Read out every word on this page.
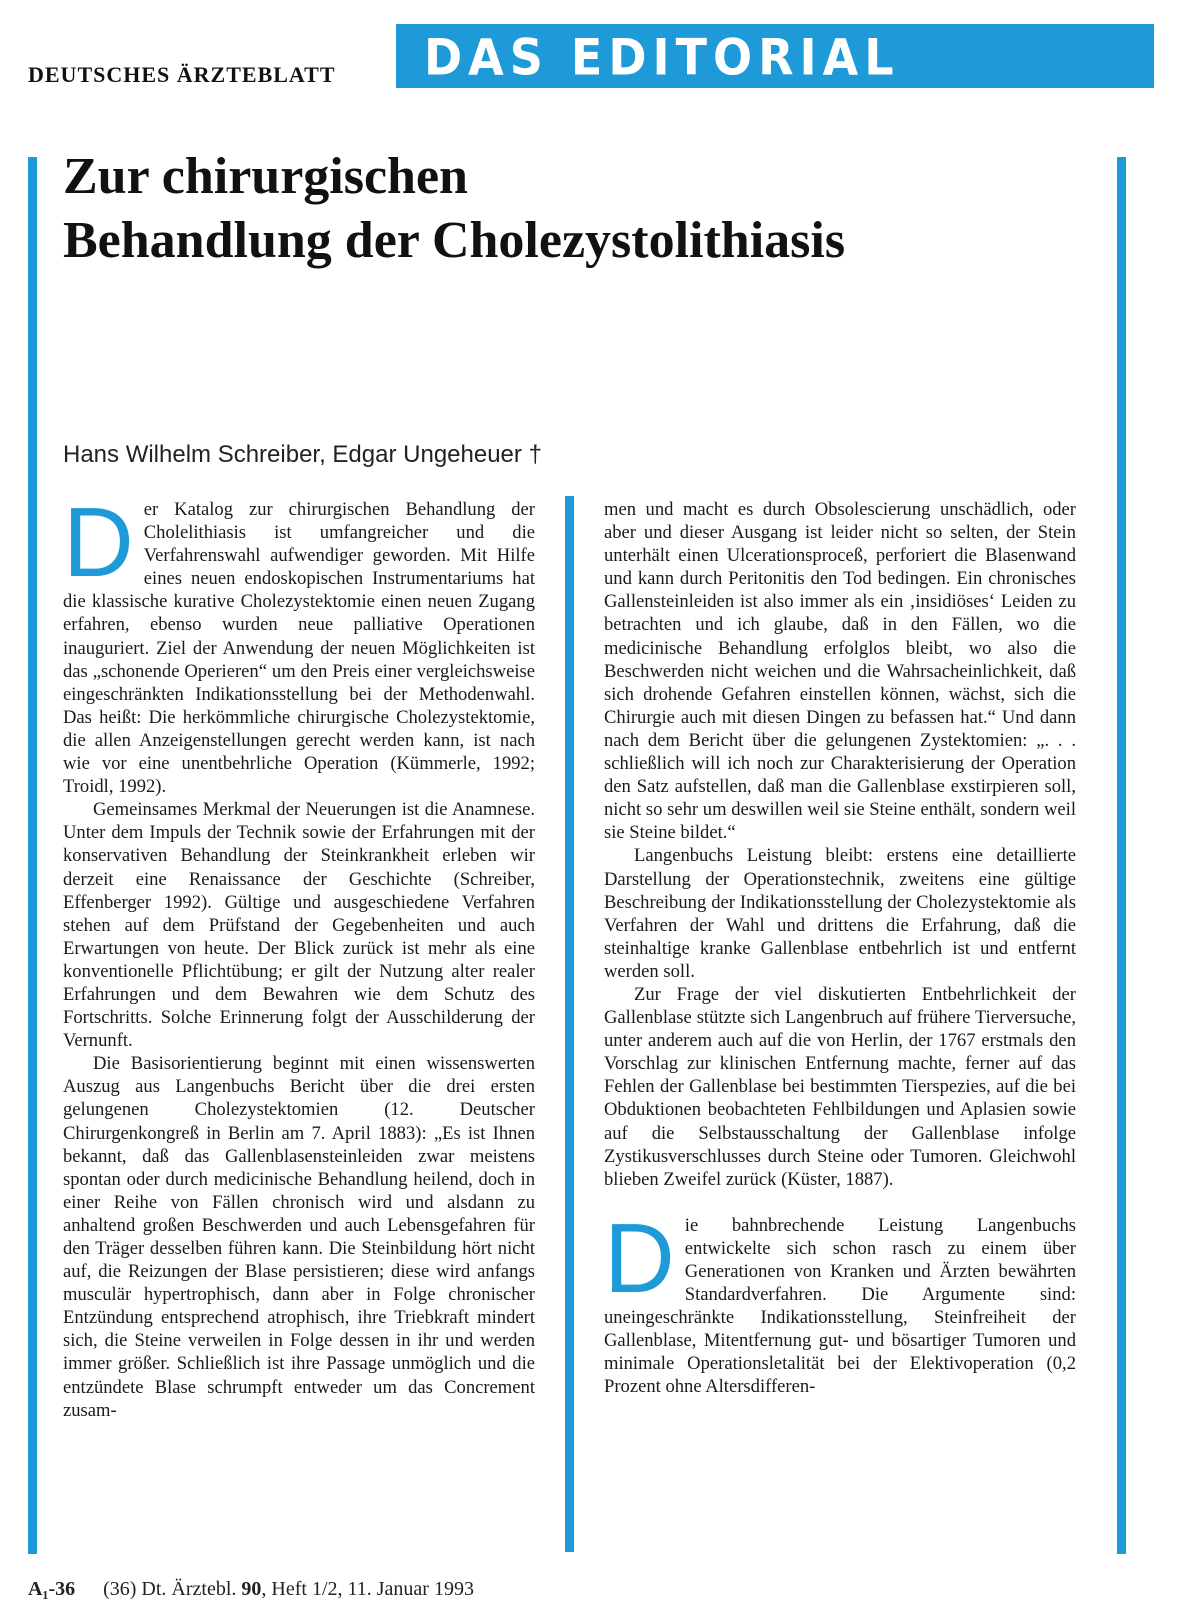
DEUTSCHES ÄRZTEBLATT DAS EDITORIAL
Zur chirurgischen
Behandlung der Cholezystolithiasis
Hans Wilhelm Schreiber, Edgar Ungeheuer †

Der Katalog zur chirurgischen Behandlung der Cholelithiasis ist umfangreicher und die Verfahrenswahl aufwendiger geworden. Mit Hilfe eines neuen endoskopischen Instrumentariums hat die klassische kurative Cholezystektomie einen neuen Zugang erfahren, ebenso wurden neue palliative Operationen inauguriert. Ziel der Anwendung der neuen Möglichkeiten ist das „schonende Operieren“ um den Preis einer vergleichsweise eingeschränkten Indikationsstellung bei der Methodenwahl. Das heißt: Die herkömmliche chirurgische Cholezystektomie, die allen Anzeigenstellungen gerecht werden kann, ist nach wie vor eine unentbehrliche Operation (Kümmerle, 1992; Troidl, 1992).

Gemeinsames Merkmal der Neuerungen ist die Anamnese. Unter dem Impuls der Technik sowie der Erfahrungen mit der konservativen Behandlung der Steinkrankheit erleben wir derzeit eine Renaissance der Geschichte (Schreiber, Effenberger 1992). Gültige und ausgeschiedene Verfahren stehen auf dem Prüfstand der Gegebenheiten und auch Erwartungen von heute. Der Blick zurück ist mehr als eine konventionelle Pflichtübung; er gilt der Nutzung alter realer Erfahrungen und dem Bewahren wie dem Schutz des Fortschritts. Solche Erinnerung folgt der Ausschilderung der Vernunft.

Die Basisorientierung beginnt mit einen wissenswerten Auszug aus Langenbuchs Bericht über die drei ersten gelungenen Cholezystektomien (12. Deutscher Chirurgenkongreß in Berlin am 7. April 1883): „Es ist Ihnen bekannt, daß das Gallenblasensteinleiden zwar meistens spontan oder durch medicinische Behandlung heilend, doch in einer Reihe von Fällen chronisch wird und alsdann zu anhaltend großen Beschwerden und auch Lebensgefahren für den Träger desselben führen kann. Die Steinbildung hört nicht auf, die Reizungen der Blase persistieren; diese wird anfangs musculär hypertrophisch, dann aber in Folge chronischer Entzündung entsprechend atrophisch, ihre Triebkraft mindert sich, die Steine verweilen in Folge dessen in ihr und werden immer größer. Schließlich ist ihre Passage unmöglich und die entzündete Blase schrumpft entweder um das Concrement zusam-

men und macht es durch Obsolescierung unschädlich, oder aber und dieser Ausgang ist leider nicht so selten, der Stein unterhält einen Ulcerationsproceß, perforiert die Blasenwand und kann durch Peritonitis den Tod bedingen. Ein chronisches Gallensteinleiden ist also immer als ein ‚insidiöses‘ Leiden zu betrachten und ich glaube, daß in den Fällen, wo die medicinische Behandlung erfolglos bleibt, wo also die Beschwerden nicht weichen und die Wahrsacheinlichkeit, daß sich drohende Gefahren einstellen können, wächst, sich die Chirurgie auch mit diesen Dingen zu befassen hat.“ Und dann nach dem Bericht über die gelungenen Zystektomien: „. . . schließlich will ich noch zur Charakterisierung der Operation den Satz aufstellen, daß man die Gallenblase exstirpieren soll, nicht so sehr um deswillen weil sie Steine enthält, sondern weil sie Steine bildet.“

Langenbuchs Leistung bleibt: erstens eine detaillierte Darstellung der Operationstechnik, zweitens eine gültige Beschreibung der Indikationsstellung der Cholezystektomie als Verfahren der Wahl und drittens die Erfahrung, daß die steinhaltige kranke Gallenblase entbehrlich ist und entfernt werden soll.

Zur Frage der viel diskutierten Entbehrlichkeit der Gallenblase stützte sich Langenbruch auf frühere Tierversuche, unter anderem auch auf die von Herlin, der 1767 erstmals den Vorschlag zur klinischen Entfernung machte, ferner auf das Fehlen der Gallenblase bei bestimmten Tierspezies, auf die bei Obduktionen beobachteten Fehlbildungen und Aplasien sowie auf die Selbstausschaltung der Gallenblase infolge Zystikusverschlusses durch Steine oder Tumoren. Gleichwohl blieben Zweifel zurück (Küster, 1887).

Die bahnbrechende Leistung Langenbuchs entwickelte sich schon rasch zu einem über Generationen von Kranken und Ärzten bewährten Standardverfahren. Die Argumente sind: uneingeschränkte Indikationsstellung, Steinfreiheit der Gallenblase, Mitentfernung gut- und bösartiger Tumoren und minimale Operationsletalität bei der Elektivoperation (0,2 Prozent ohne Altersdifferen-

A₁-36 (36) Dt. Ärztebl. 90, Heft 1/2, 11. Januar 1993
